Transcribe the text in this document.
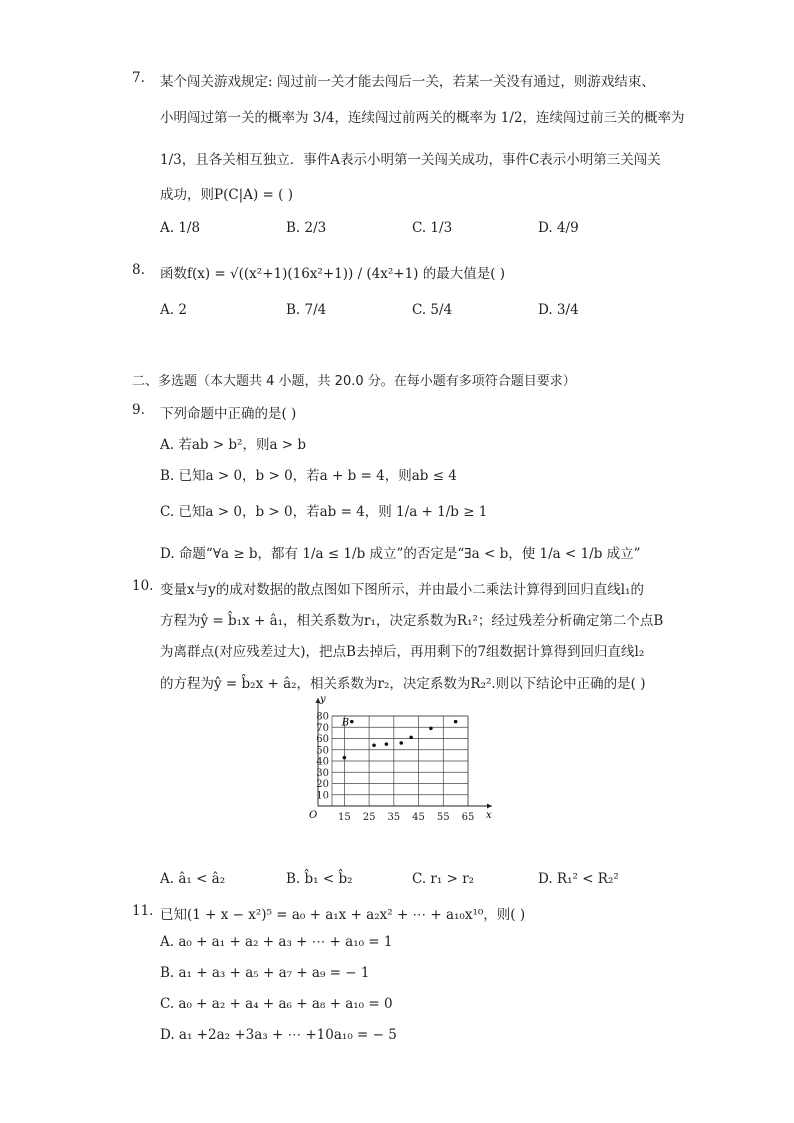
7. 某个闯关游戏规定: 闯过前一关才能去闯后一关，若某一关没有通过，则游戏结束、
小明闯过第一关的概率为 3/4，连续闯过前两关的概率为 1/2，连续闯过前三关的概率为
1/3，且各关相互独立．事件A表示小明第一关闯关成功，事件C表示小明第三关闯关
成功，则P(C|A) = ( )
A. 1/8	B. 2/3	C. 1/3	D. 4/9
8. 函数f(x) = √((x²+1)(16x²+1)) / (4x²+1) 的最大值是( )
A. 2	B. 7/4	C. 5/4	D. 3/4
二、多选题（本大题共 4 小题，共 20.0 分。在每小题有多项符合题目要求）
9. 下列命题中正确的是( )
A. 若ab > b²，则a > b
B. 已知a > 0，b > 0，若a + b = 4，则ab ≤ 4
C. 已知a > 0，b > 0，若ab = 4，则 1/a + 1/b ≥ 1
D. 命题“∀a ≥ b，都有 1/a ≤ 1/b 成立”的否定是“∃a < b，使 1/a < 1/b 成立”
10. 变量x与y的成对数据的散点图如下图所示，并由最小二乘法计算得到回归直线l₁的
方程为ŷ = b̂₁x + â₁，相关系数为r₁，决定系数为R₁²；经过残差分析确定第二个点B
为离群点(对应残差过大)，把点B去掉后，再用剩下的7组数据计算得到回归直线l₂
的方程为ŷ = b̂₂x + â₂，相关系数为r₂，决定系数为R₂².则以下结论中正确的是( )
15 25 35 45 55 65
10
20
30
40
50
60
70
80
O	x
y
B
A. â₁ < â₂	B. b̂₁ < b̂₂	C. r₁ > r₂	D. R₁² < R₂²
11. 已知(1 + x − x²)⁵ = a₀ + a₁x + a₂x² + ⋯ + a₁₀x¹⁰，则( )
A. a₀ + a₁ + a₂ + a₃ + ⋯ + a₁₀ = 1
B. a₁ + a₃ + a₅ + a₇ + a₉ = − 1
C. a₀ + a₂ + a₄ + a₆ + a₈ + a₁₀ = 0
D. a₁ +2a₂ +3a₃ + ⋯ +10a₁₀ = − 5
